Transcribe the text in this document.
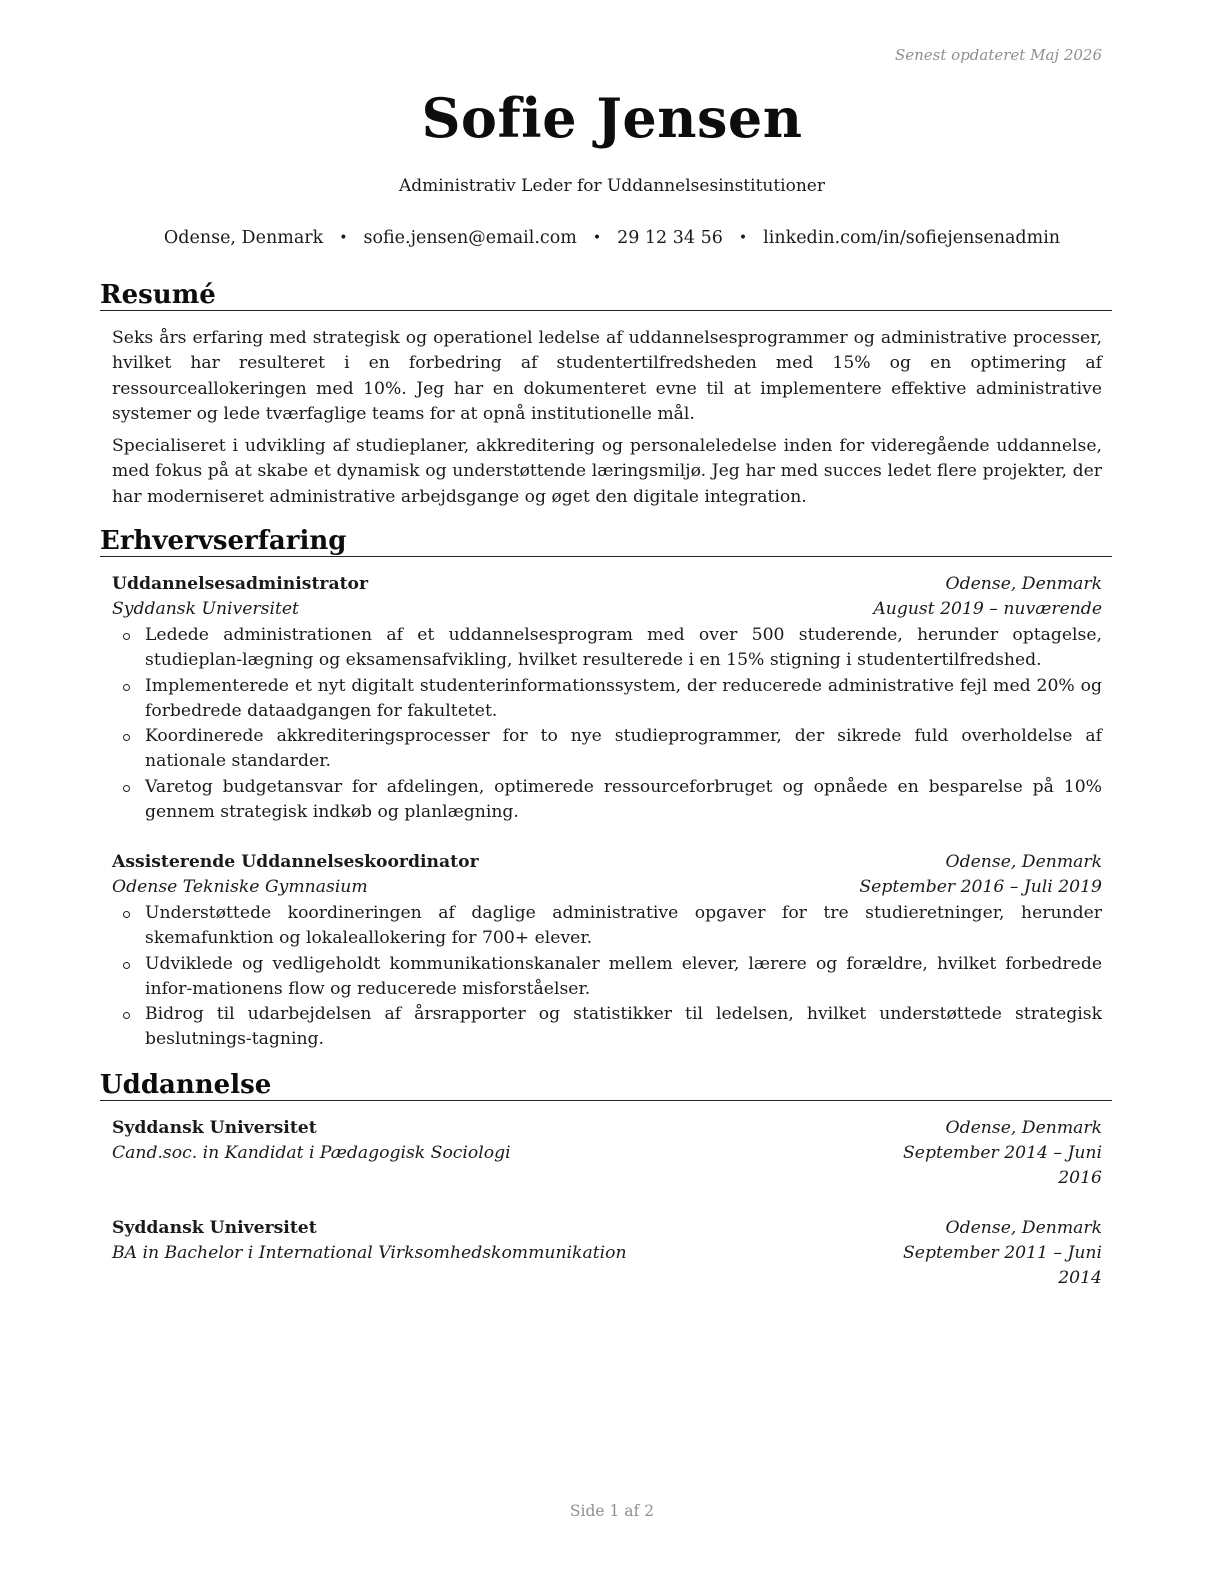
Senest opdateret Maj 2026
Sofie Jensen
Administrativ Leder for Uddannelsesinstitutioner
Odense, Denmark • sofie.jensen@email.com • 29 12 34 56 • linkedin.com/in/sofiejensenadmin
Resumé
Seks års erfaring med strategisk og operationel ledelse af uddannelsesprogrammer og administrative processer, hvilket har resulteret i en forbedring af studentertilfredsheden med 15% og en optimering af ressourceallokeringen med 10%. Jeg har en dokumenteret evne til at implementere effektive administrative systemer og lede tværfaglige teams for at opnå institutionelle mål.
Specialiseret i udvikling af studieplaner, akkreditering og personaleledelse inden for videregående uddannelse, med fokus på at skabe et dynamisk og understøttende læringsmiljø. Jeg har med succes ledet flere projekter, der har moderniseret administrative arbejdsgange og øget den digitale integration.
Erhvervserfaring
Uddannelsesadministrator	Odense, Denmark
Syddansk Universitet	August 2019 – nuværende
Ledede administrationen af et uddannelsesprogram med over 500 studerende, herunder optagelse, studieplan-lægning og eksamensafvikling, hvilket resulterede i en 15% stigning i studentertilfredshed.
Implementerede et nyt digitalt studenterinformationssystem, der reducerede administrative fejl med 20% og forbedrede dataadgangen for fakultetet.
Koordinerede akkrediteringsprocesser for to nye studieprogrammer, der sikrede fuld overholdelse af nationale standarder.
Varetog budgetansvar for afdelingen, optimerede ressourceforbruget og opnåede en besparelse på 10% gennem strategisk indkøb og planlægning.
Assisterende Uddannelseskoordinator	Odense, Denmark
Odense Tekniske Gymnasium	September 2016 – Juli 2019
Understøttede koordineringen af daglige administrative opgaver for tre studieretninger, herunder skemafunktion og lokaleallokering for 700+ elever.
Udviklede og vedligeholdt kommunikationskanaler mellem elever, lærere og forældre, hvilket forbedrede infor-mationens flow og reducerede misforståelser.
Bidrog til udarbejdelsen af årsrapporter og statistikker til ledelsen, hvilket understøttede strategisk beslutnings-tagning.
Uddannelse
Syddansk Universitet	Odense, Denmark
Cand.soc. in Kandidat i Pædagogisk Sociologi	September 2014 – Juni 2016
Syddansk Universitet	Odense, Denmark
BA in Bachelor i International Virksomhedskommunikation	September 2011 – Juni 2014
Side 1 af 2
